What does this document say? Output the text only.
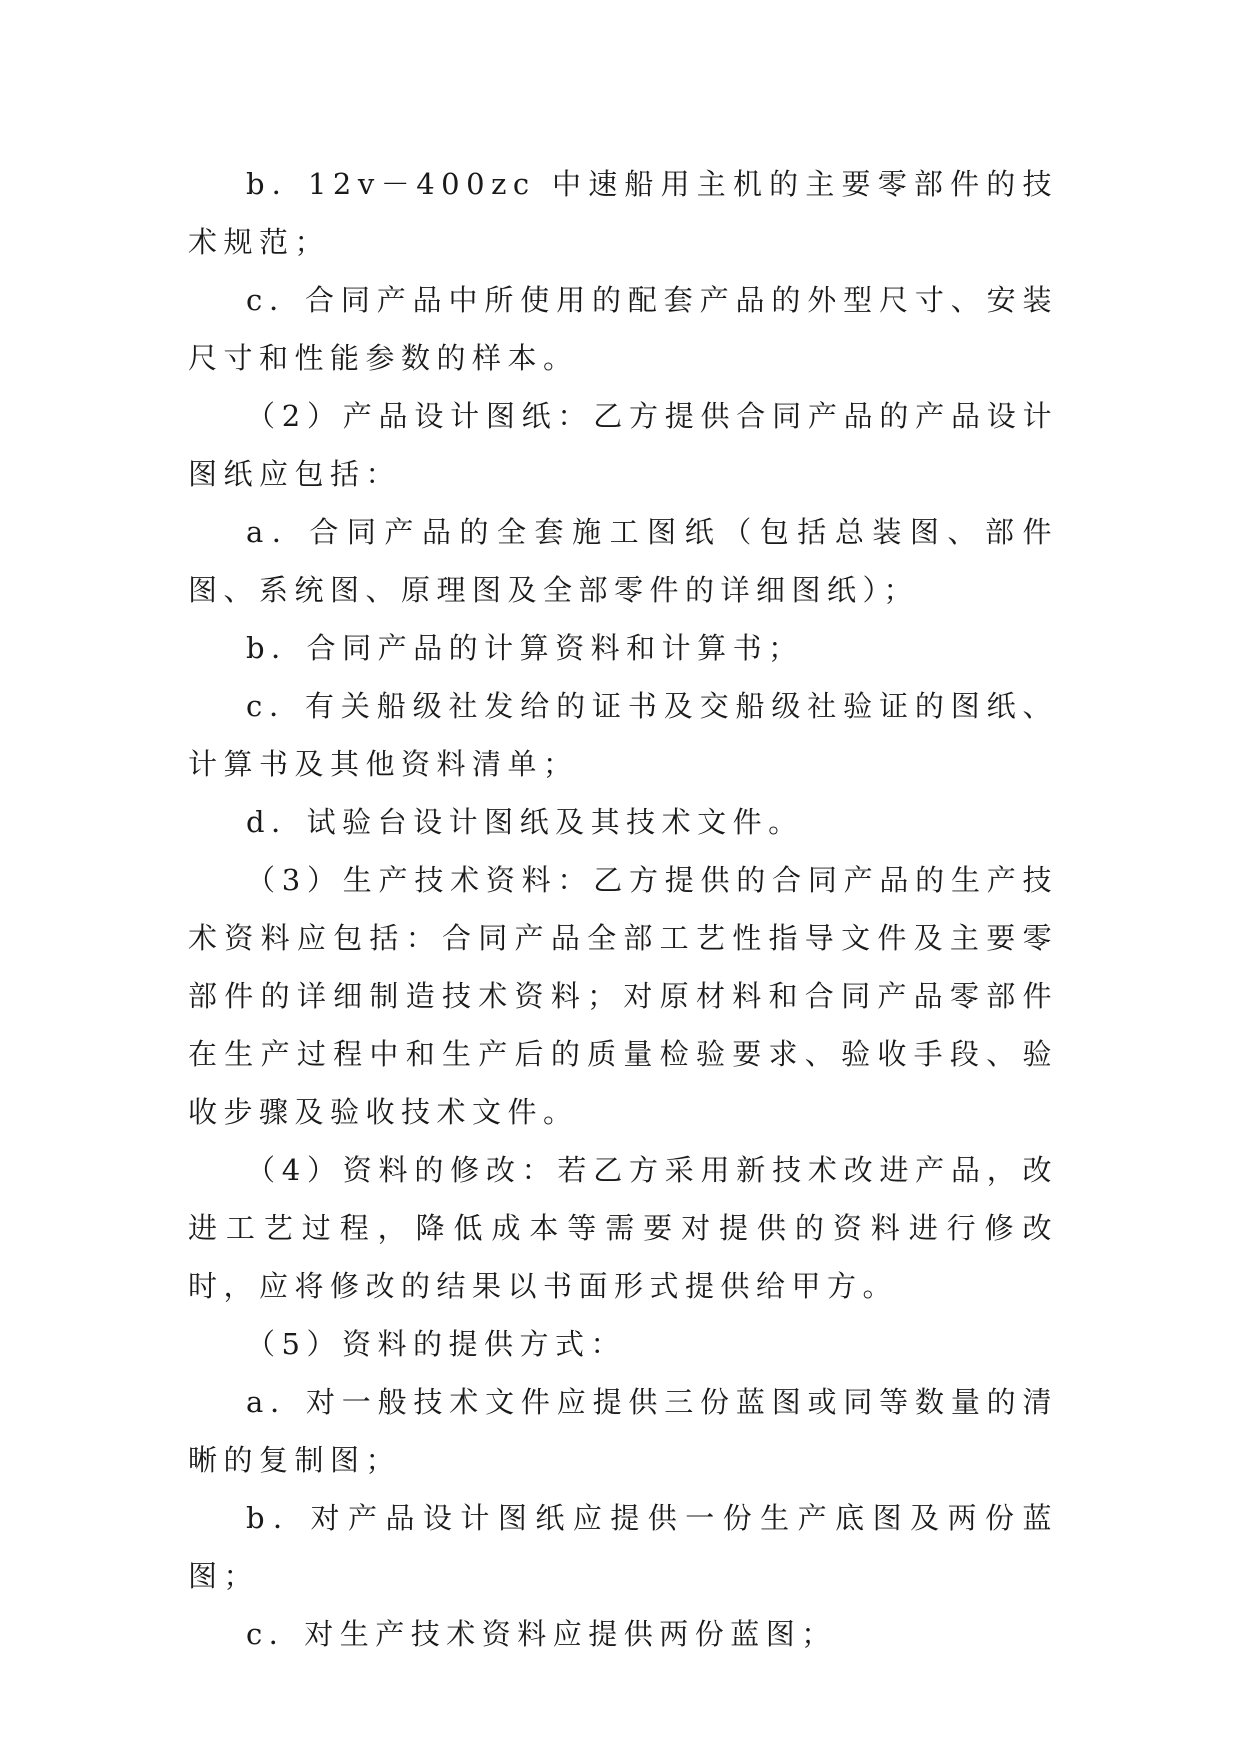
b．12v－400zc 中速船用主机的主要零部件的技术规范；

c．合同产品中所使用的配套产品的外型尺寸、安装尺寸和性能参数的样本。

（2）产品设计图纸：乙方提供合同产品的产品设计图纸应包括：

a．合同产品的全套施工图纸（包括总装图、部件图、系统图、原理图及全部零件的详细图纸）；

b．合同产品的计算资料和计算书；

c．有关船级社发给的证书及交船级社验证的图纸、计算书及其他资料清单；

d．试验台设计图纸及其技术文件。

（3）生产技术资料：乙方提供的合同产品的生产技术资料应包括：合同产品全部工艺性指导文件及主要零部件的详细制造技术资料；对原材料和合同产品零部件在生产过程中和生产后的质量检验要求、验收手段、验收步骤及验收技术文件。

（4）资料的修改：若乙方采用新技术改进产品，改进工艺过程，降低成本等需要对提供的资料进行修改时，应将修改的结果以书面形式提供给甲方。

（5）资料的提供方式：

a．对一般技术文件应提供三份蓝图或同等数量的清晰的复制图；

b．对产品设计图纸应提供一份生产底图及两份蓝图；

c．对生产技术资料应提供两份蓝图；
